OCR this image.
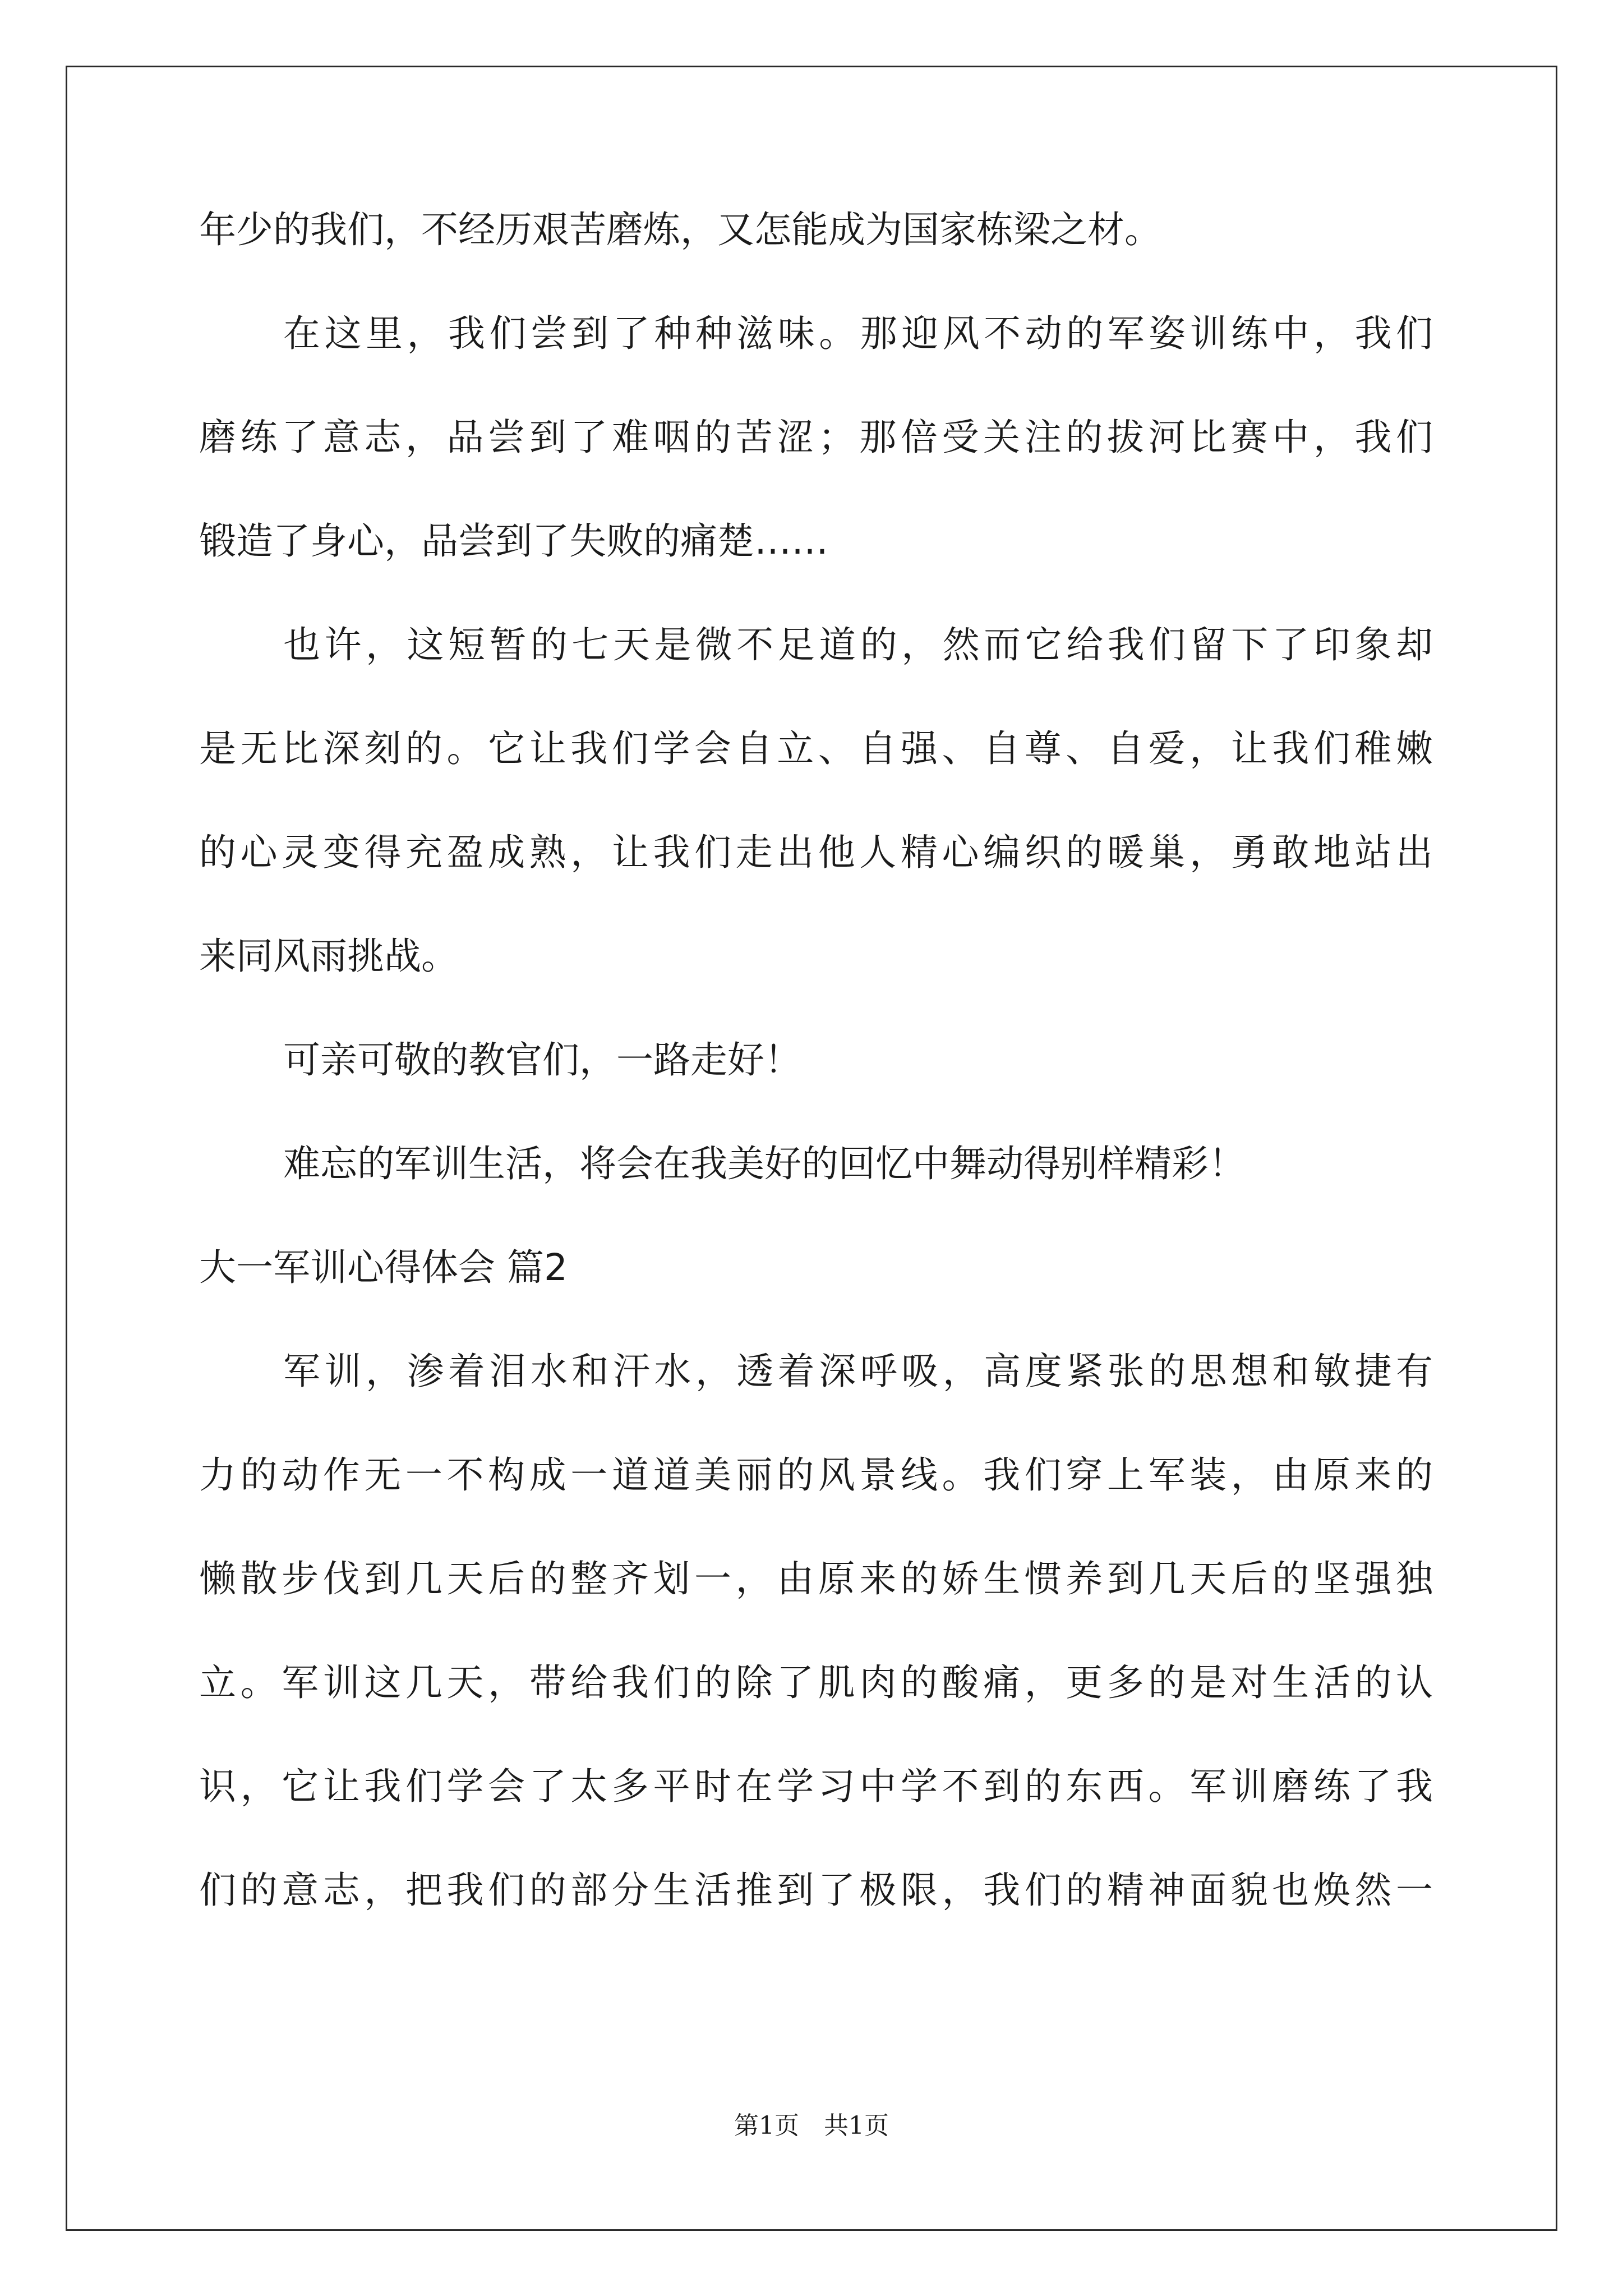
年少的我们，不经历艰苦磨炼，又怎能成为国家栋梁之材。
在这里，我们尝到了种种滋味。那迎风不动的军姿训练中，我们
磨练了意志，品尝到了难咽的苦涩；那倍受关注的拔河比赛中，我们
锻造了身心，品尝到了失败的痛楚……
也许，这短暂的七天是微不足道的，然而它给我们留下了印象却
是无比深刻的。它让我们学会自立、自强、自尊、自爱，让我们稚嫩
的心灵变得充盈成熟，让我们走出他人精心编织的暖巢，勇敢地站出
来同风雨挑战。
可亲可敬的教官们，一路走好！
难忘的军训生活，将会在我美好的回忆中舞动得别样精彩！
大一军训心得体会 篇2
军训，渗着泪水和汗水，透着深呼吸，高度紧张的思想和敏捷有
力的动作无一不构成一道道美丽的风景线。我们穿上军装，由原来的
懒散步伐到几天后的整齐划一，由原来的娇生惯养到几天后的坚强独
立。军训这几天，带给我们的除了肌肉的酸痛，更多的是对生活的认
识，它让我们学会了太多平时在学习中学不到的东西。军训磨练了我
们的意志，把我们的部分生活推到了极限，我们的精神面貌也焕然一
第1页　共1页
